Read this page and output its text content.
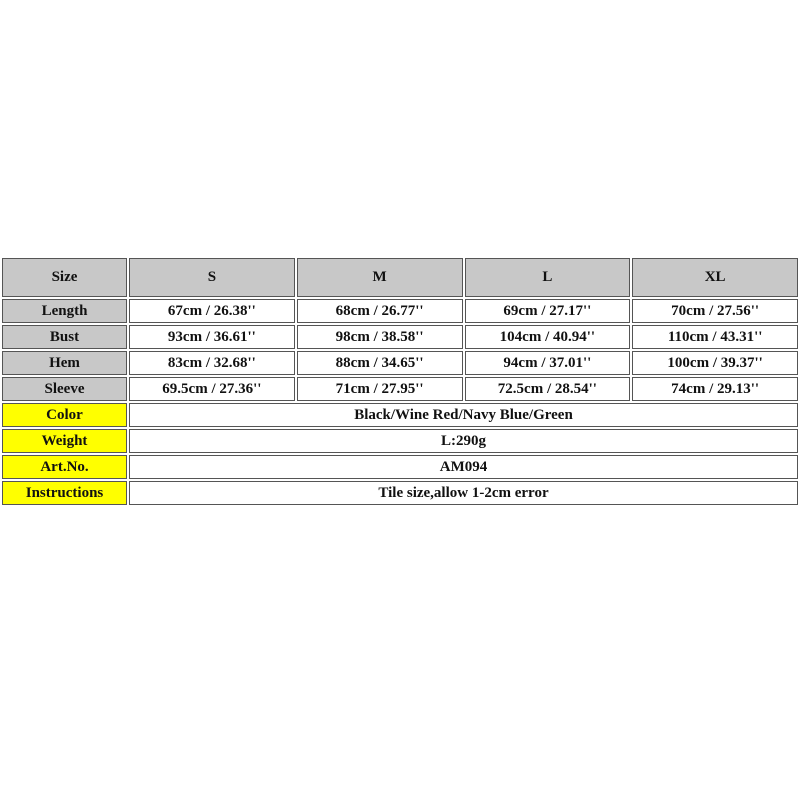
Size	S	M	L	XL
Length	67cm / 26.38''	68cm / 26.77''	69cm / 27.17''	70cm / 27.56''
Bust	93cm / 36.61''	98cm / 38.58''	104cm / 40.94''	110cm / 43.31''
Hem	83cm / 32.68''	88cm / 34.65''	94cm / 37.01''	100cm / 39.37''
Sleeve	69.5cm / 27.36''	71cm / 27.95''	72.5cm / 28.54''	74cm / 29.13''
Color	Black/Wine Red/Navy Blue/Green			
Weight	L:290g			
Art.No.	AM094			
Instructions	Tile size,allow 1-2cm error			
